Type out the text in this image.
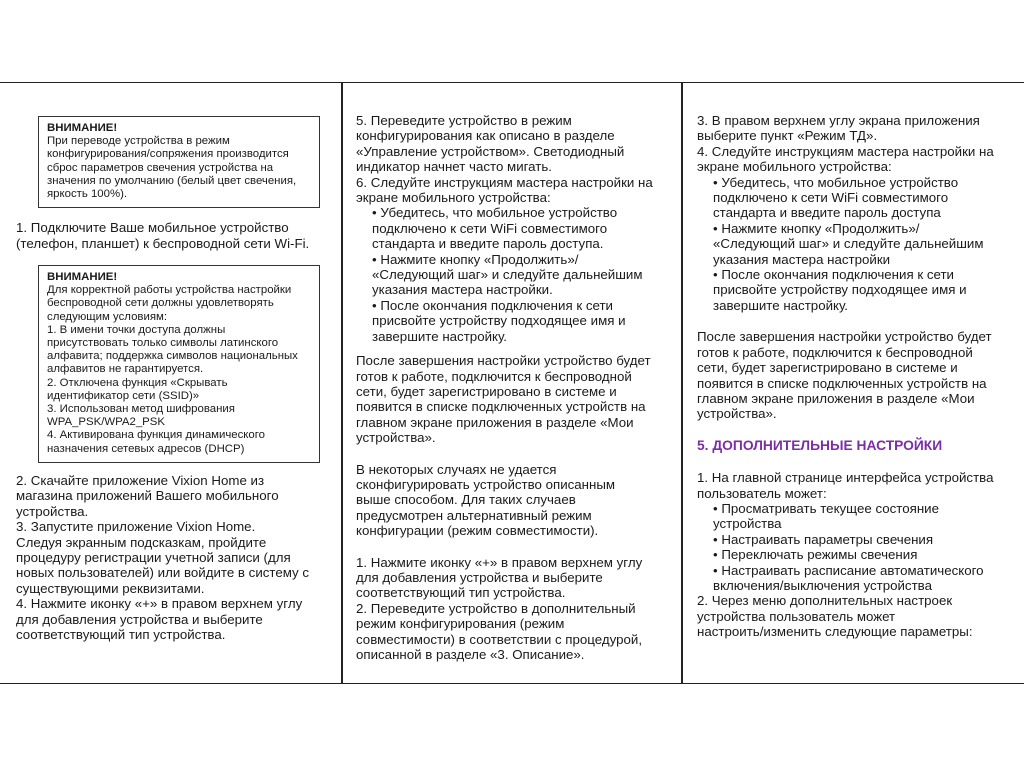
ВНИМАНИЕ!
При переводе устройства в режим
конфигурирования/сопряжения производится
сброс параметров свечения устройства на
значения по умолчанию (белый цвет свечения,
яркость 100%).
1. Подключите Ваше мобильное устройство
(телефон, планшет) к беспроводной сети Wi-Fi.
ВНИМАНИЕ!
Для корректной работы устройства настройки
беспроводной сети должны удовлетворять
следующим условиям:
1. В имени точки доступа должны
присутствовать только символы латинского
алфавита; поддержка символов национальных
алфавитов не гарантируется.
2. Отключена функция «Скрывать
идентификатор сети (SSID)»
3. Использован метод шифрования
WPA_PSK/WPA2_PSK
4. Активирована функция динамического
назначения сетевых адресов (DHCP)
2. Скачайте приложение Vixion Home из
магазина приложений Вашего мобильного
устройства.
3. Запустите приложение Vixion Home.
Следуя экранным подсказкам, пройдите
процедуру регистрации учетной записи (для
новых пользователей) или войдите в систему с
существующими реквизитами.
4. Нажмите иконку «+» в правом верхнем углу
для добавления устройства и выберите
соответствующий тип устройства.
5. Переведите устройство в режим
конфигурирования как описано в разделе
«Управление устройством». Светодиодный
индикатор начнет часто мигать.
6. Следуйте инструкциям мастера настройки на
экране мобильного устройства:
• Убедитесь, что мобильное устройство
подключено к сети WiFi совместимого
стандарта и введите пароль доступа.
• Нажмите кнопку «Продолжить»/
«Следующий шаг» и следуйте дальнейшим
указания мастера настройки.
• После окончания подключения к сети
присвойте устройству подходящее имя и
завершите настройку.
После завершения настройки устройство будет
готов к работе, подключится к беспроводной
сети, будет зарегистрировано в системе и
появится в списке подключенных устройств на
главном экране приложения в разделе «Мои
устройства».
В некоторых случаях не удается
сконфигурировать устройство описанным
выше способом. Для таких случаев
предусмотрен альтернативный режим
конфигурации (режим совместимости).
1. Нажмите иконку «+» в правом верхнем углу
для добавления устройства и выберите
соответствующий тип устройства.
2. Переведите устройство в дополнительный
режим конфигурирования (режим
совместимости) в соответствии с процедурой,
описанной в разделе «3. Описание».
3. В правом верхнем углу экрана приложения
выберите пункт «Режим ТД».
4. Следуйте инструкциям мастера настройки на
экране мобильного устройства:
• Убедитесь, что мобильное устройство
подключено к сети WiFi совместимого
стандарта и введите пароль доступа
• Нажмите кнопку «Продолжить»/
«Следующий шаг» и следуйте дальнейшим
указания мастера настройки
• После окончания подключения к сети
присвойте устройству подходящее имя и
завершите настройку.
После завершения настройки устройство будет
готов к работе, подключится к беспроводной
сети, будет зарегистрировано в системе и
появится в списке подключенных устройств на
главном экране приложения в разделе «Мои
устройства».
5. ДОПОЛНИТЕЛЬНЫЕ НАСТРОЙКИ
1. На главной странице интерфейса устройства
пользователь может:
• Просматривать текущее состояние
устройства
• Настраивать параметры свечения
• Переключать режимы свечения
• Настраивать расписание автоматического
включения/выключения устройства
2. Через меню дополнительных настроек
устройства пользователь может
настроить/изменить следующие параметры:
